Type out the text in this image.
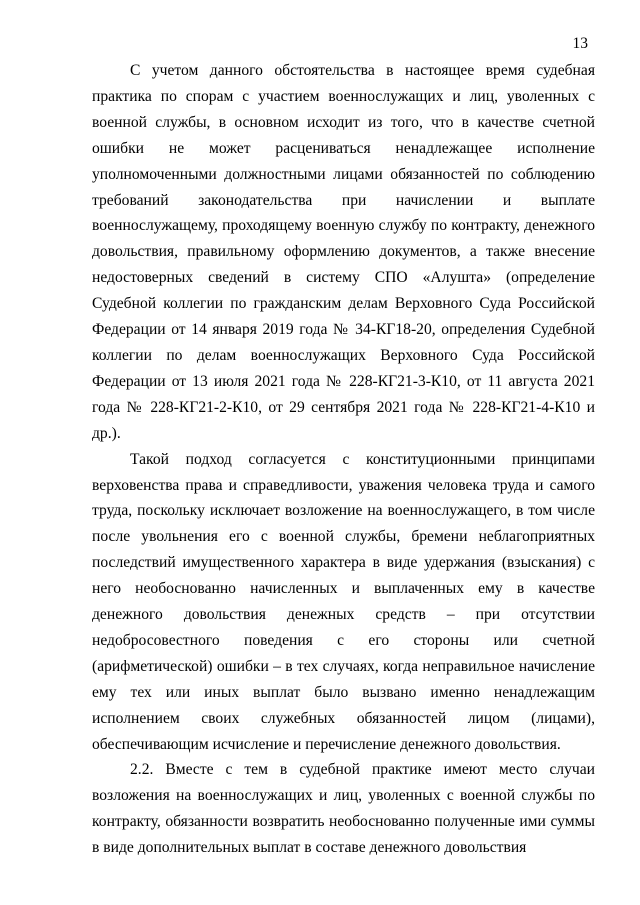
13

С учетом данного обстоятельства в настоящее время судебная практика по спорам с участием военнослужащих и лиц, уволенных с военной службы, в основном исходит из того, что в качестве счетной ошибки не может расцениваться ненадлежащее исполнение уполномоченными должностными лицами обязанностей по соблюдению требований законодательства при начислении и выплате военнослужащему, проходящему военную службу по контракту, денежного довольствия, правильному оформлению документов, а также внесение недостоверных сведений в систему СПО «Алушта» (определение Судебной коллегии по гражданским делам Верховного Суда Российской Федерации от 14 января 2019 года № 34-КГ18-20, определения Судебной коллегии по делам военнослужащих Верховного Суда Российской Федерации от 13 июля 2021 года № 228-КГ21-3-К10, от 11 августа 2021 года № 228-КГ21-2-К10, от 29 сентября 2021 года № 228-КГ21-4-К10 и др.).

Такой подход согласуется с конституционными принципами верховенства права и справедливости, уважения человека труда и самого труда, поскольку исключает возложение на военнослужащего, в том числе после увольнения его с военной службы, бремени неблагоприятных последствий имущественного характера в виде удержания (взыскания) с него необоснованно начисленных и выплаченных ему в качестве денежного довольствия денежных средств – при отсутствии недобросовестного поведения с его стороны или счетной (арифметической) ошибки – в тех случаях, когда неправильное начисление ему тех или иных выплат было вызвано именно ненадлежащим исполнением своих служебных обязанностей лицом (лицами), обеспечивающим исчисление и перечисление денежного довольствия.

2.2. Вместе с тем в судебной практике имеют место случаи возложения на военнослужащих и лиц, уволенных с военной службы по контракту, обязанности возвратить необоснованно полученные ими суммы в виде дополнительных выплат в составе денежного довольствия
